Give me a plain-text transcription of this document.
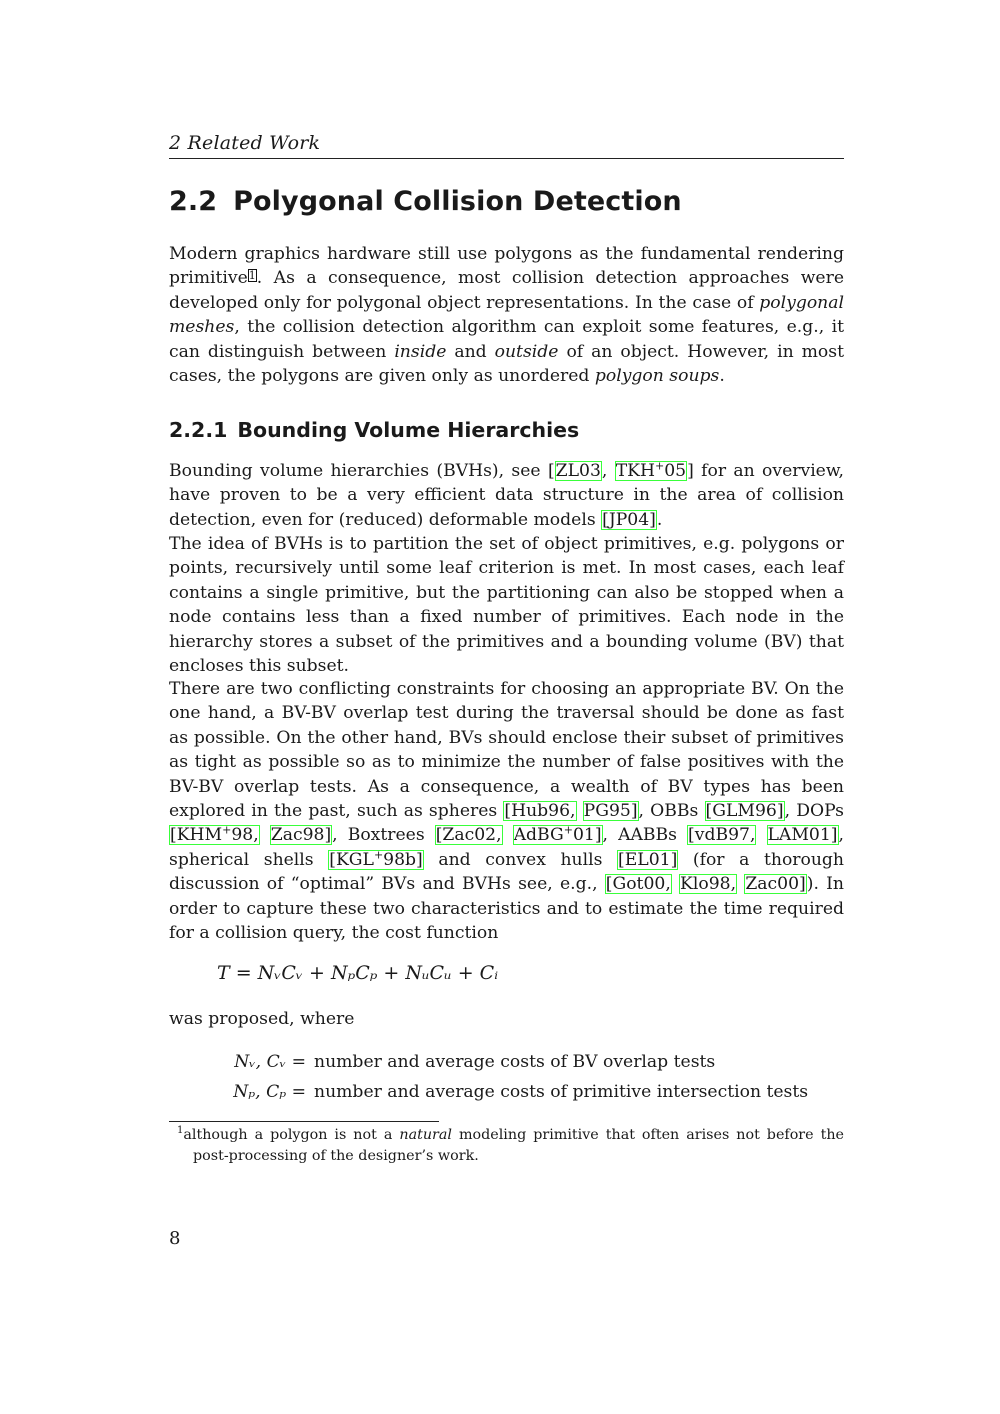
2 Related Work
2.2 Polygonal Collision Detection

Modern graphics hardware still use polygons as the fundamental rendering primitive$^1$. As a consequence, most collision detection approaches were developed only for polygonal object representations. In the case of polygonal meshes, the collision detection algorithm can exploit some features, e.g., it can distinguish between inside and outside of an object. However, in most cases, the polygons are given only as unordered polygon soups.

2.2.1 Bounding Volume Hierarchies

Bounding volume hierarchies (BVHs), see [ZL03, TKH+05] for an overview, have proven to be a very efficient data structure in the area of collision detection, even for (reduced) deformable models [JP04].

The idea of BVHs is to partition the set of object primitives, e.g. polygons or points, recursively until some leaf criterion is met. In most cases, each leaf contains a single primitive, but the partitioning can also be stopped when a node contains less than a fixed number of primitives. Each node in the hierarchy stores a subset of the primitives and a bounding volume (BV) that encloses this subset.

There are two conflicting constraints for choosing an appropriate BV. On the one hand, a BV-BV overlap test during the traversal should be done as fast as possible. On the other hand, BVs should enclose their subset of primitives as tight as possible so as to minimize the number of false positives with the BV-BV overlap tests. As a consequence, a wealth of BV types has been explored in the past, such as spheres [Hub96, PG95], OBBs [GLM96], DOPs [KHM+98, Zac98], Boxtrees [Zac02, AdBG+01], AABBs [vdB97, LAM01], spherical shells [KGL+98b] and convex hulls [EL01] (for a thorough discussion of “optimal” BVs and BVHs see, e.g., [Got00, Klo98, Zac00]). In order to capture these two characteristics and to estimate the time required for a collision query, the cost function

T = NᵥCᵥ + NₚCₚ + NᵤCᵤ + Cᵢ
was proposed, where
Nᵥ, Cᵥ = number and average costs of BV overlap tests
Nₚ, Cₚ = number and average costs of primitive intersection tests
$^1$although a polygon is not a natural modeling primitive that often arises not before the post-processing of the designer’s work.
8
